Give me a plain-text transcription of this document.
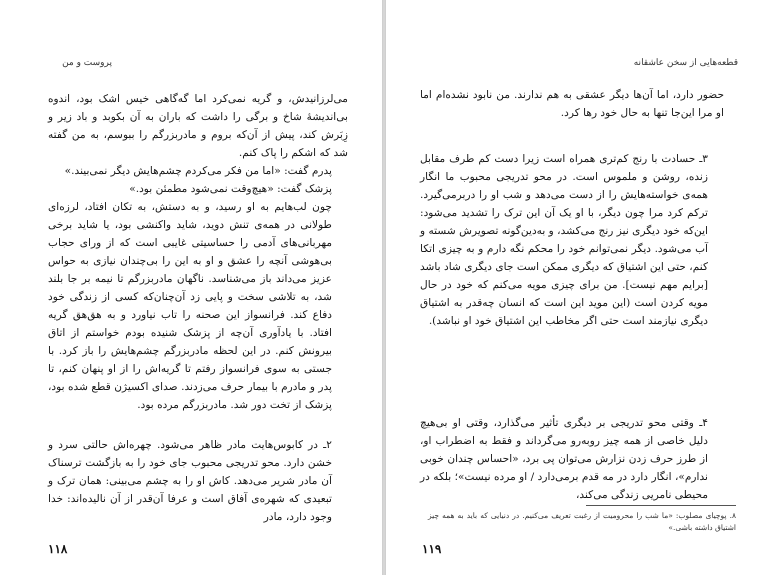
پروست و من

می‌لرزانیدش، و گریه نمی‌کرد اما گه‌گاهی خیس اشک بود، اندوه بی‌اندیشهٔ شاخ و برگی را داشت که باران به آن بکوبد و باد زیر و زِبَرش کند، پیش از آن‌که بروم و مادربزرگم را ببوسم، به من گفته شد که اشکم را پاک کنم.

پدرم گفت: «اما من فکر می‌کردم چشم‌هایش دیگر نمی‌بیند.»

پزشک گفت: «هیچ‌وقت نمی‌شود مطمئن بود.»

چون لب‌هایم به او رسید، و به دستش، به تکان افتاد، لرزه‌ای طولانی در همه‌ی تنش دوید، شاید واکنشی بود، یا شاید برخی مهربانی‌های آدمی را حساسیتی غایبی است که از ورای حجاب بی‌هوشی آنچه را عشق و او به این را بی‌چندان نیازی به حواس عزیز می‌داند باز می‌شناسد. ناگهان مادربزرگم تا نیمه بر جا بلند شد، به تلاشی سخت و پایی زد آن‌چنان‌که کسی از زندگی خود دفاع کند. فرانسواز این صحنه را تاب نیاورد و به هق‌هق گریه افتاد. با یادآوری آن‌چه از پزشک شنیده بودم خواستم از اتاق بیرونش کنم. در این لحظه مادربزرگم چشم‌هایش را باز کرد. با جستی به سوی فرانسواز رفتم تا گریه‌اش را از او پنهان کنم، تا پدر و مادرم با بیمار حرف می‌زدند. صدای اکسیژن قطع شده بود، پزشک از تخت دور شد. مادربزرگم مرده بود.

۲ـ در کابوس‌هایت مادر ظاهر می‌شود. چهره‌اش حالتی سرد و خشن دارد. محو تدریجی محبوب جای خود را به بازگشت ترسناک آن مادر شریر می‌دهد. کاش او را به چشم می‌بینی: همان ترک و تبعیدی که شهره‌ی آفاق است و عرفا آن‌قدر از آن نالیده‌اند: خدا وجود دارد، مادر

۱۱۸
قطعه‌هایی از سخن عاشقانه

حضور دارد، اما آن‌ها دیگر عشقی به هم ندارند. من نابود نشده‌ام اما او مرا این‌جا تنها به حال خود رها کرد.

۳ـ حسادت با رنج کم‌تری همراه است زیرا دست کم طرف مقابل زنده، روشن و ملموس است. در محو تدریجی محبوب ما انگار همه‌ی خواسته‌هایش را از دست می‌دهد و شب او را دربرمی‌گیرد. ترکم کرد مرا چون دیگر، با او یک آن این ترک را تشدید می‌شود: این‌که خود دیگری نیز رنج می‌کشد، و به‌دین‌گونه تصویرش شسته و آب می‌شود. دیگر نمی‌توانم خود را محکم نگه دارم و به چیزی اتکا کنم، حتی این اشتیاق که دیگری ممکن است جای دیگری شاد باشد [برایم مهم نیست]. من برای چیزی مویه می‌کنم که خود در حال مویه کردن است (این موید این است که انسان چه‌قدر به اشتیاق دیگری نیازمند است حتی اگر مخاطب این اشتیاق خود او نباشد).

۴ـ وقتی محو تدریجی بر دیگری تأثیر می‌گذارد، وقتی او بی‌هیچ دلیل خاصی از همه چیز روبه‌رو می‌گرداند و فقط به اضطراب او، از طرز حرف زدن نزارش می‌توان پی برد، «احساس چندان خوبی ندارم»، انگار دارد در مه قدم برمی‌دارد / او مرده نیست»؛ بلکه در محیطی نامریی زندگی می‌کند،

۸. پوچیای مصلوب: «ما شب را محرومیت از رغبت تعریف می‌کنیم. در دنیایی که باید به همه چیز اشتیاق داشته باشی.»
۱۱۹
